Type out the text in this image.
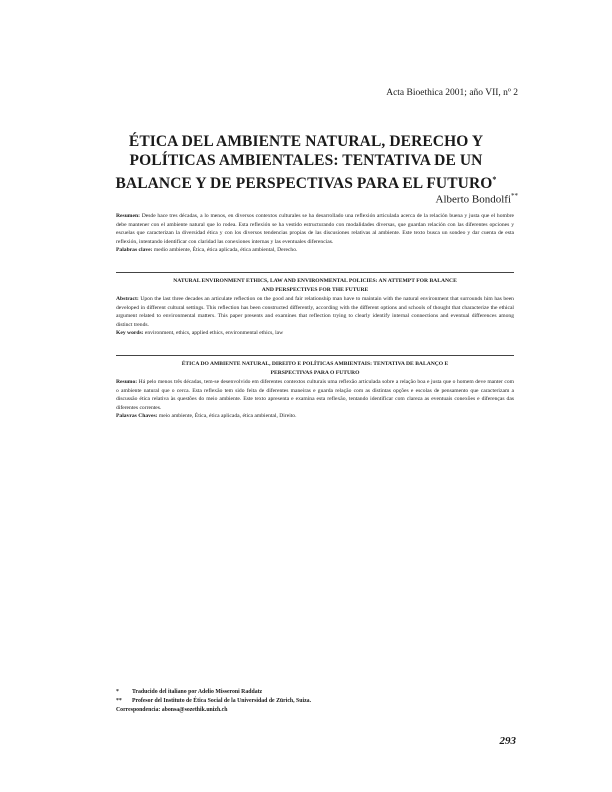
Acta Bioethica 2001; año VII, nº 2
ÉTICA DEL AMBIENTE NATURAL, DERECHO Y
POLÍTICAS AMBIENTALES: TENTATIVA DE UN
BALANCE Y DE PERSPECTIVAS PARA EL FUTURO*
Alberto Bondolfi**
Resumen: Desde hace tres décadas, a lo menos, en diversos contextos culturales se ha desarrollado una reflexión articulada acerca de la relación buena y justa que el hombre debe mantener con el ambiente natural que lo rodea. Esta reflexión se ha vestido estructurando con modalidades diversas, que guardan relación con las diferentes opciones y escuelas que caracterizan la diversidad ética y con los diversos tendencias propias de las discusiones relativas al ambiente. Este texto busca un sondeo y dar cuenta de esta reflexión, intentando identificar con claridad las conexiones internas y las eventuales diferencias.
Palabras clave: medio ambiente, Ética, ética aplicada, ética ambiental, Derecho.
NATURAL ENVIRONMENT ETHICS, LAW AND ENVIRONMENTAL POLICIES: AN ATTEMPT FOR BALANCE
AND PERSPECTIVES FOR THE FUTURE
Abstract: Upon the last three decades an articulate reflection on the good and fair relationship man have to maintain with the natural environment that surrounds him has been developed in different cultural settings. This reflection has been constructed differently, according with the different options and schools of thought that characterize the ethical argument related to environmental matters. This paper presents and examines that reflection trying to clearly identify internal connections and eventual differences among distinct trends.
Key words: environment, ethics, applied ethics, environmental ethics, law
ÉTICA DO AMBIENTE NATURAL, DIREITO E POLÍTICAS AMBIENTAIS: TENTATIVA DE BALANÇO E
PERSPECTIVAS PARA O FUTURO
Resumo: Há pelo menos três décadas, tem-se desenvolvido em diferentes contextos culturais uma reflexão articulada sobre a relação boa e justa que o homem deve manter com o ambiente natural que o cerca. Esta reflexão tem sido feita de diferentes maneiras e guarda relação com as distintas opções e escolas de pensamento que caracterizam a discussão ética relativa às questões do meio ambiente. Este texto apresenta e examina esta reflexão, tentando identificar com clareza as eventuais conexões e diferenças das diferentes correntes.
Palavras Chaves: meio ambiente, Ética, ética aplicada, ética ambiental, Direito.
*	Traducido del italiano por Adelio Misseroni Raddatz
**	Profesor del Instituto de Ética Social de la Universidad de Zürich, Suiza.
Correspondencia: abonsa@sozethik.unizh.ch
293
